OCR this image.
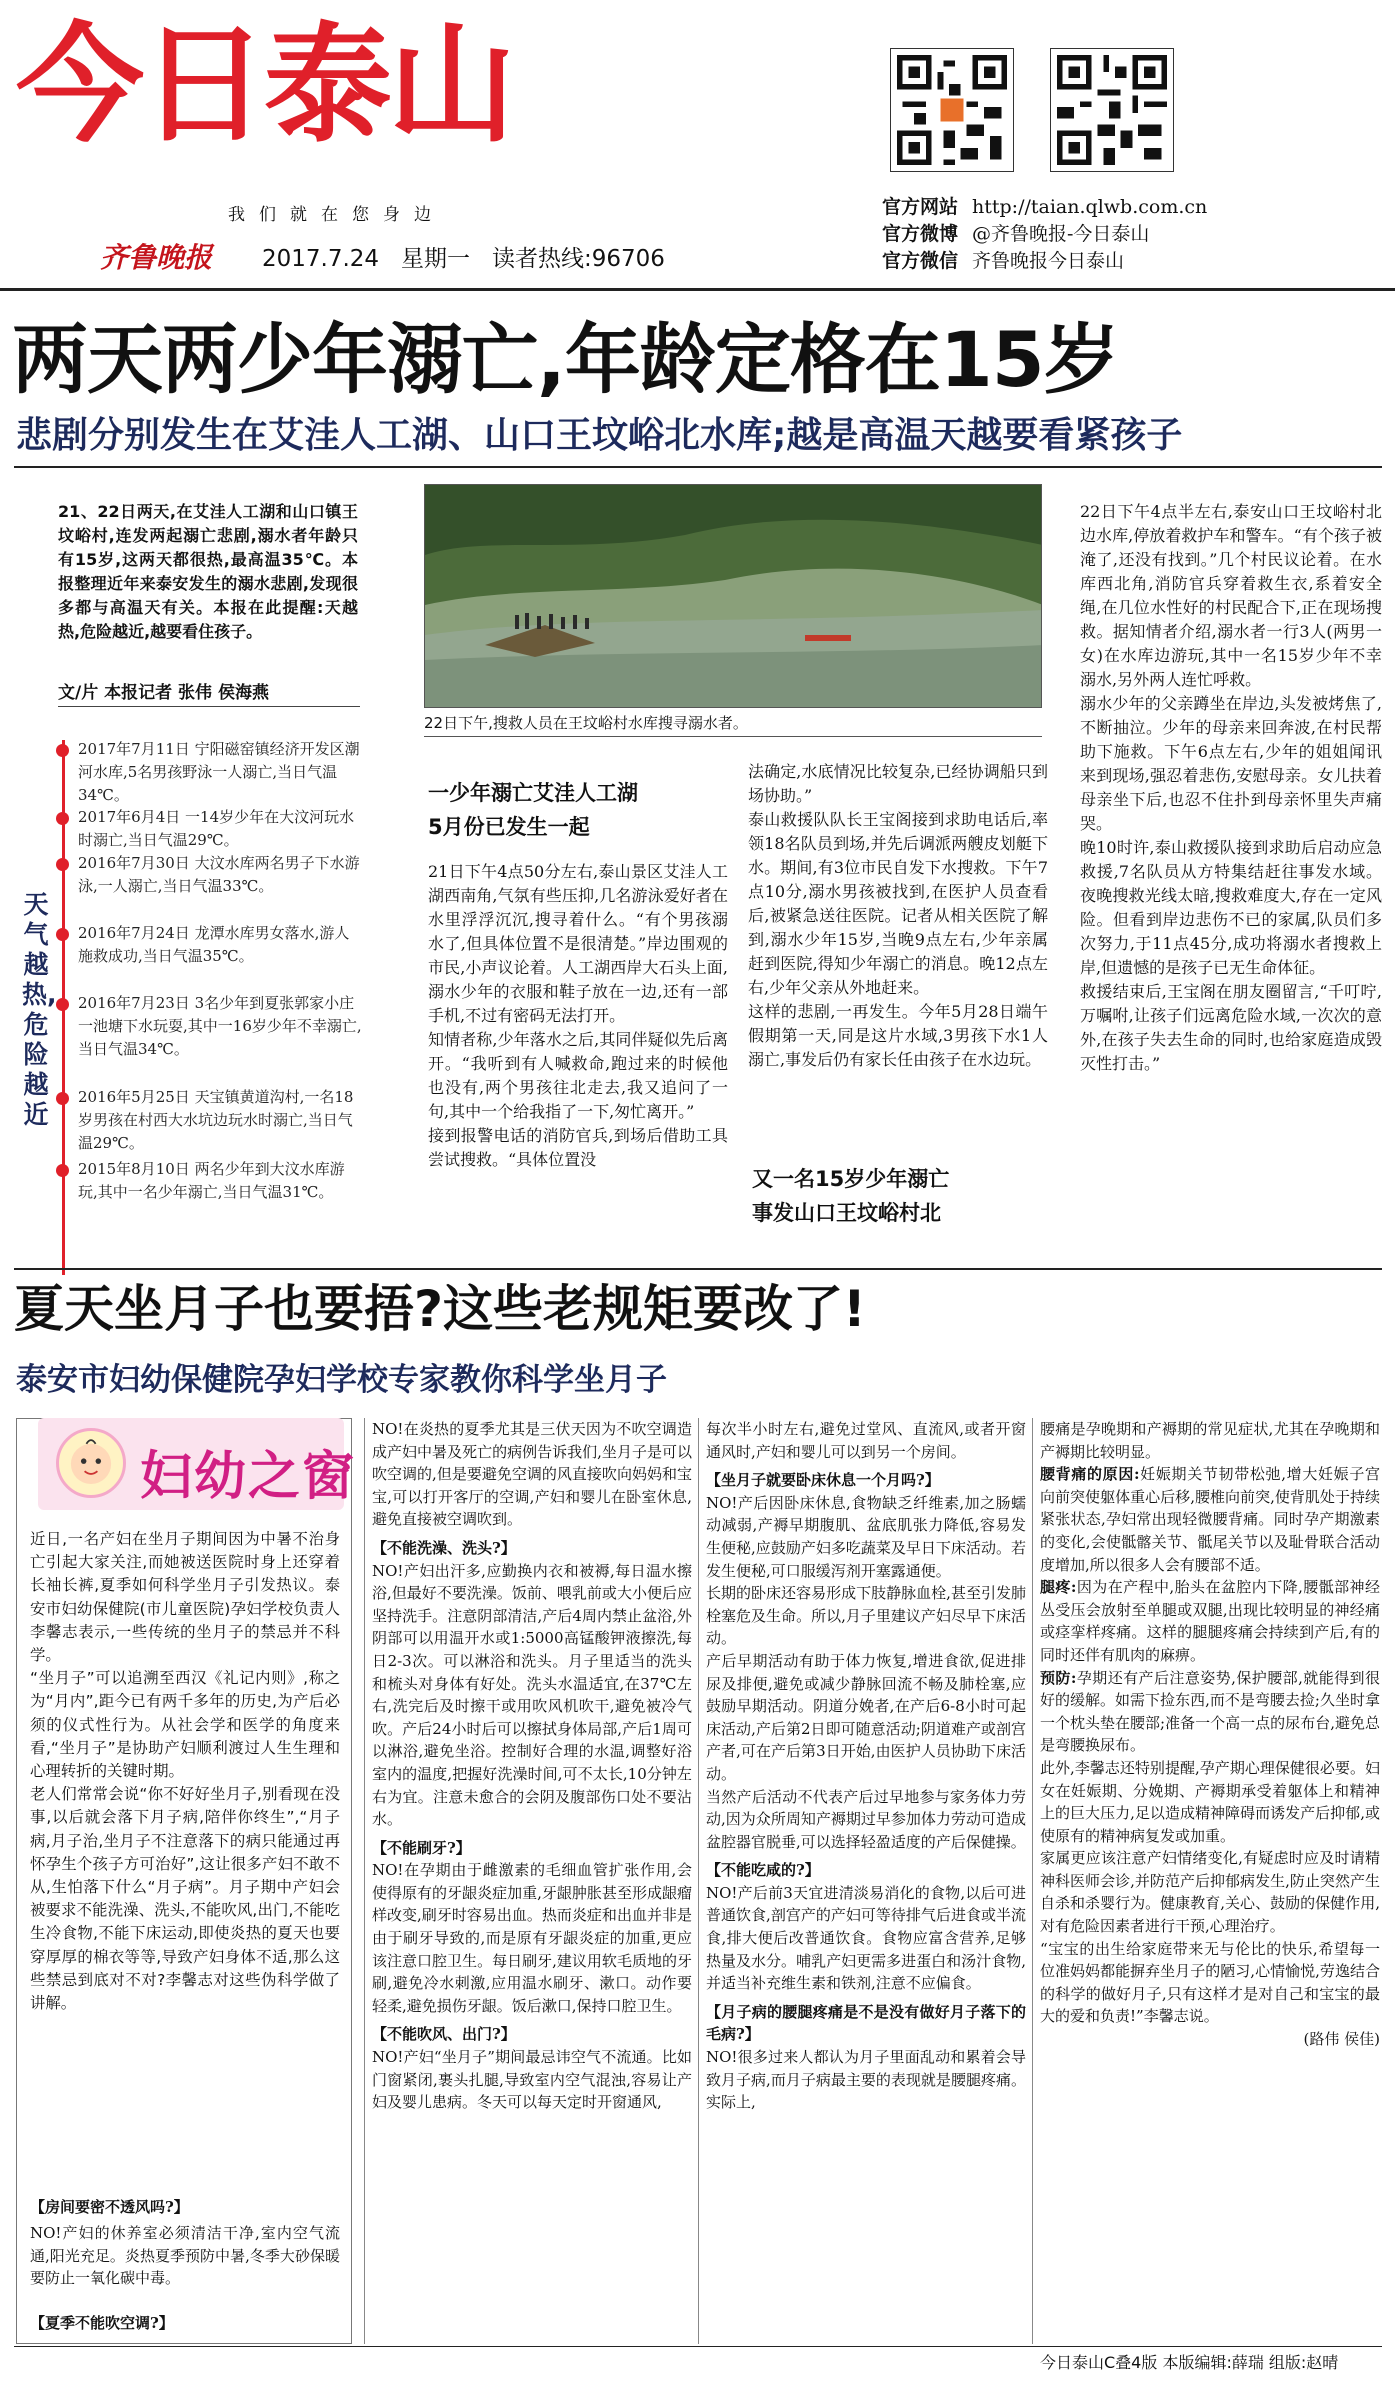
今日泰山
我们就在您身边
齐鲁晚报 2017.7.24 星期一 读者热线:96706
官方网站 http://taian.qlwb.com.cn
官方微博 @齐鲁晚报-今日泰山
官方微信 齐鲁晚报今日泰山
两天两少年溺亡,年龄定格在15岁
悲剧分别发生在艾洼人工湖、山口王坟峪北水库;越是高温天越要看紧孩子
21、22日两天,在艾洼人工湖和山口镇王坟峪村,连发两起溺亡悲剧,溺水者年龄只有15岁,这两天都很热,最高温35℃。本报整理近年来泰安发生的溺水悲剧,发现很多都与高温天有关。本报在此提醒:天越热,危险越近,越要看住孩子。
文/片 本报记者 张伟 侯海燕
天气越热,危险越近
2017年7月11日 宁阳磁窑镇经济开发区潮河水库,5名男孩野泳一人溺亡,当日气温34℃。
2017年6月4日 一14岁少年在大汶河玩水时溺亡,当日气温29℃。
2016年7月30日 大汶水库两名男子下水游泳,一人溺亡,当日气温33℃。
2016年7月24日 龙潭水库男女落水,游人施救成功,当日气温35℃。
2016年7月23日 3名少年到夏张郭家小庄一池塘下水玩耍,其中一16岁少年不幸溺亡,当日气温34℃。
2016年5月25日 天宝镇黄道沟村,一名18岁男孩在村西大水坑边玩水时溺亡,当日气温29℃。
2015年8月10日 两名少年到大汶水库游玩,其中一名少年溺亡,当日气温31℃。
22日下午,搜救人员在王坟峪村水库搜寻溺水者。
一少年溺亡艾洼人工湖
5月份已发生一起
21日下午4点50分左右,泰山景区艾洼人工湖西南角,气氛有些压抑,几名游泳爱好者在水里浮浮沉沉,搜寻着什么。“有个男孩溺水了,但具体位置不是很清楚。”岸边围观的市民,小声议论着。人工湖西岸大石头上面,溺水少年的衣服和鞋子放在一边,还有一部手机,不过有密码无法打开。
知情者称,少年落水之后,其同伴疑似先后离开。“我听到有人喊救命,跑过来的时候他也没有,两个男孩往北走去,我又追问了一句,其中一个给我指了一下,匆忙离开。”
接到报警电话的消防官兵,到场后借助工具尝试搜救。“具体位置没
法确定,水底情况比较复杂,已经协调船只到场协助。”
泰山救援队队长王宝阁接到求助电话后,率领18名队员到场,并先后调派两艘皮划艇下水。期间,有3位市民自发下水搜救。下午7点10分,溺水男孩被找到,在医护人员查看后,被紧急送往医院。记者从相关医院了解到,溺水少年15岁,当晚9点左右,少年亲属赶到医院,得知少年溺亡的消息。晚12点左右,少年父亲从外地赶来。
这样的悲剧,一再发生。今年5月28日端午假期第一天,同是这片水域,3男孩下水1人溺亡,事发后仍有家长任由孩子在水边玩。
又一名15岁少年溺亡
事发山口王坟峪村北
22日下午4点半左右,泰安山口王坟峪村北边水库,停放着救护车和警车。“有个孩子被淹了,还没有找到。”几个村民议论着。在水库西北角,消防官兵穿着救生衣,系着安全绳,在几位水性好的村民配合下,正在现场搜救。据知情者介绍,溺水者一行3人(两男一女)在水库边游玩,其中一名15岁少年不幸溺水,另外两人连忙呼救。
溺水少年的父亲蹲坐在岸边,头发被烤焦了,不断抽泣。少年的母亲来回奔波,在村民帮助下施救。下午6点左右,少年的姐姐闻讯来到现场,强忍着悲伤,安慰母亲。女儿扶着母亲坐下后,也忍不住扑到母亲怀里失声痛哭。
晚10时许,泰山救援队接到求助后启动应急救援,7名队员从方特集结赶往事发水域。夜晚搜救光线太暗,搜救难度大,存在一定风险。但看到岸边悲伤不已的家属,队员们多次努力,于11点45分,成功将溺水者搜救上岸,但遗憾的是孩子已无生命体征。
救援结束后,王宝阁在朋友圈留言,“千叮咛,万嘱咐,让孩子们远离危险水域,一次次的意外,在孩子失去生命的同时,也给家庭造成毁灭性打击。”
夏天坐月子也要捂?这些老规矩要改了!
泰安市妇幼保健院孕妇学校专家教你科学坐月子
妇幼之窗
近日,一名产妇在坐月子期间因为中暑不治身亡引起大家关注,而她被送医院时身上还穿着长袖长裤,夏季如何科学坐月子引发热议。泰安市妇幼保健院(市儿童医院)孕妇学校负责人李馨志表示,一些传统的坐月子的禁忌并不科学。
“坐月子”可以追溯至西汉《礼记内则》,称之为“月内”,距今已有两千多年的历史,为产后必须的仪式性行为。从社会学和医学的角度来看,“坐月子”是协助产妇顺利渡过人生生理和心理转折的关键时期。
老人们常常会说“你不好好坐月子,别看现在没事,以后就会落下月子病,陪伴你终生”,“月子病,月子治,坐月子不注意落下的病只能通过再怀孕生个孩子方可治好”,这让很多产妇不敢不从,生怕落下什么“月子病”。月子期中产妇会被要求不能洗澡、洗头,不能吹风,出门,不能吃生冷食物,不能下床运动,即使炎热的夏天也要穿厚厚的棉衣等等,导致产妇身体不适,那么这些禁忌到底对不对?李馨志对这些伪科学做了讲解。
【房间要密不透风吗?】
NO!产妇的休养室必须清洁干净,室内空气流通,阳光充足。炎热夏季预防中暑,冬季大砂保暖要防止一氧化碳中毒。
【夏季不能吹空调?】
NO!在炎热的夏季尤其是三伏天因为不吹空调造成产妇中暑及死亡的病例告诉我们,坐月子是可以吹空调的,但是要避免空调的风直接吹向妈妈和宝宝,可以打开客厅的空调,产妇和婴儿在卧室休息,避免直接被空调吹到。
【不能洗澡、洗头?】
NO!产妇出汗多,应勤换内衣和被褥,每日温水擦浴,但最好不要洗澡。饭前、喂乳前或大小便后应坚持洗手。注意阴部清洁,产后4周内禁止盆浴,外阴部可以用温开水或1:5000高锰酸钾液擦洗,每日2-3次。可以淋浴和洗头。月子里适当的洗头和梳头对身体有好处。洗头水温适宜,在37℃左右,洗完后及时擦干或用吹风机吹干,避免被冷气吹。产后24小时后可以擦拭身体局部,产后1周可以淋浴,避免坐浴。控制好合理的水温,调整好浴室内的温度,把握好洗澡时间,可不太长,10分钟左右为宜。注意未愈合的会阴及腹部伤口处不要沾水。
【不能刷牙?】
NO!在孕期由于雌激素的毛细血管扩张作用,会使得原有的牙龈炎症加重,牙龈肿胀甚至形成龈瘤样改变,刷牙时容易出血。热而炎症和出血并非是由于刷牙导致的,而是原有牙龈炎症的加重,更应该注意口腔卫生。每日刷牙,建议用软毛质地的牙刷,避免冷水刺激,应用温水刷牙、漱口。动作要轻柔,避免损伤牙龈。饭后漱口,保持口腔卫生。
【不能吹风、出门?】
NO!产妇“坐月子”期间最忌讳空气不流通。比如门窗紧闭,裹头扎腿,导致室内空气混浊,容易让产妇及婴儿患病。冬天可以每天定时开窗通风,
每次半小时左右,避免过堂风、直流风,或者开窗通风时,产妇和婴儿可以到另一个房间。
【坐月子就要卧床休息一个月吗?】
NO!产后因卧床休息,食物缺乏纤维素,加之肠蠕动减弱,产褥早期腹肌、盆底肌张力降低,容易发生便秘,应鼓励产妇多吃蔬菜及早日下床活动。若发生便秘,可口服缓泻剂开塞露通便。
长期的卧床还容易形成下肢静脉血栓,甚至引发肺栓塞危及生命。所以,月子里建议产妇尽早下床活动。
产后早期活动有助于体力恢复,增进食欲,促进排尿及排便,避免或减少静脉回流不畅及肺栓塞,应鼓励早期活动。阴道分娩者,在产后6-8小时可起床活动,产后第2日即可随意活动;阴道难产或剖宫产者,可在产后第3日开始,由医护人员协助下床活动。
当然产后活动不代表产后过早地参与家务体力劳动,因为众所周知产褥期过早参加体力劳动可造成盆腔器官脱垂,可以选择轻盈适度的产后保健操。
【不能吃咸的?】
NO!产后前3天宜进清淡易消化的食物,以后可进普通饮食,剖宫产的产妇可等待排气后进食或半流食,排大便后改普通饮食。食物应富含营养,足够热量及水分。哺乳产妇更需多进蛋白和汤汁食物,并适当补充维生素和铁剂,注意不应偏食。
【月子病的腰腿疼痛是不是没有做好月子落下的毛病?】
NO!很多过来人都认为月子里面乱动和累着会导致月子病,而月子病最主要的表现就是腰腿疼痛。实际上,
腰痛是孕晚期和产褥期的常见症状,尤其在孕晚期和产褥期比较明显。
腰背痛的原因:妊娠期关节韧带松弛,增大妊娠子宫向前突使躯体重心后移,腰椎向前突,使背肌处于持续紧张状态,孕妇常出现轻微腰背痛。同时孕产期激素的变化,会使骶髂关节、骶尾关节以及耻骨联合活动度增加,所以很多人会有腰部不适。
腿疼:因为在产程中,胎头在盆腔内下降,腰骶部神经丛受压会放射至单腿或双腿,出现比较明显的神经痛或痉挛样疼痛。这样的腿腿疼痛会持续到产后,有的同时还伴有肌肉的麻痹。
预防:孕期还有产后注意姿势,保护腰部,就能得到很好的缓解。如需下捡东西,而不是弯腰去捡;久坐时拿一个枕头垫在腰部;准备一个高一点的尿布台,避免总是弯腰换尿布。
此外,李馨志还特别提醒,孕产期心理保健很必要。妇女在妊娠期、分娩期、产褥期承受着躯体上和精神上的巨大压力,足以造成精神障碍而诱发产后抑郁,或使原有的精神病复发或加重。
家属更应该注意产妇情绪变化,有疑虑时应及时请精神科医师会诊,并防范产后抑郁病发生,防止突然产生自杀和杀婴行为。健康教育,关心、鼓励的保健作用,对有危险因素者进行干预,心理治疗。
“宝宝的出生给家庭带来无与伦比的快乐,希望每一位准妈妈都能摒弃坐月子的陋习,心情愉悦,劳逸结合的科学的做好月子,只有这样才是对自己和宝宝的最大的爱和负责!”李馨志说。
(路伟 侯佳)
今日泰山C叠4版 本版编辑:薛瑞 组版:赵晴
